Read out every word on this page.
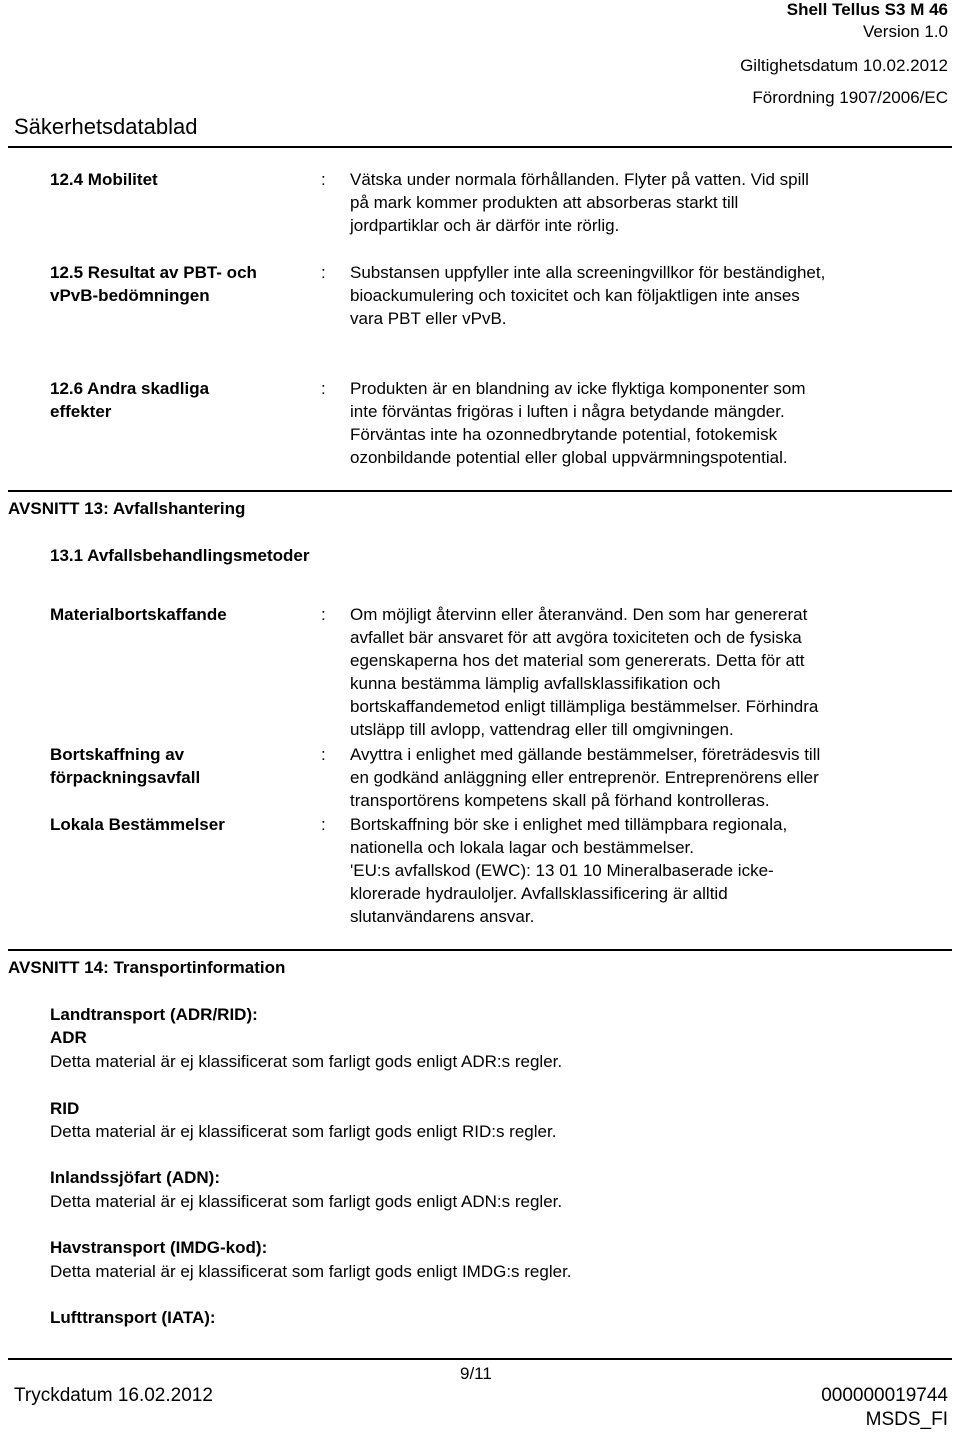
Shell Tellus S3 M 46
Version 1.0
Giltighetsdatum 10.02.2012
Förordning 1907/2006/EC
Säkerhetsdatablad
12.4 Mobilitet	: Vätska under normala förhållanden. Flyter på vatten. Vid spill
på mark kommer produkten att absorberas starkt till
jordpartiklar och är därför inte rörlig.
12.5 Resultat av PBT- och
vPvB-bedömningen
: Substansen uppfyller inte alla screeningvillkor för beständighet,
bioackumulering och toxicitet och kan följaktligen inte anses
vara PBT eller vPvB.
12.6 Andra skadliga
effekter
: Produkten är en blandning av icke flyktiga komponenter som
inte förväntas frigöras i luften i några betydande mängder.
Förväntas inte ha ozonnedbrytande potential, fotokemisk
ozonbildande potential eller global uppvärmningspotential.
AVSNITT 13: Avfallshantering
13.1 Avfallsbehandlingsmetoder
Materialbortskaffande	: Om möjligt återvinn eller återanvänd. Den som har genererat
avfallet bär ansvaret för att avgöra toxiciteten och de fysiska
egenskaperna hos det material som genererats. Detta för att
kunna bestämma lämplig avfallsklassifikation och
bortskaffandemetod enligt tillämpliga bestämmelser. Förhindra
utsläpp till avlopp, vattendrag eller till omgivningen.
Bortskaffning av
förpackningsavfall
: Avyttra i enlighet med gällande bestämmelser, företrädesvis till
en godkänd anläggning eller entreprenör. Entreprenörens eller
transportörens kompetens skall på förhand kontrolleras.
Lokala Bestämmelser	: Bortskaffning bör ske i enlighet med tillämpbara regionala,
nationella och lokala lagar och bestämmelser.
'EU:s avfallskod (EWC): 13 01 10 Mineralbaserade icke-
klorerade hydrauloljer. Avfallsklassificering är alltid
slutanvändarens ansvar.
AVSNITT 14: Transportinformation
Landtransport (ADR/RID):
ADR
Detta material är ej klassificerat som farligt gods enligt ADR:s regler.
RID
Detta material är ej klassificerat som farligt gods enligt RID:s regler.
Inlandssjöfart (ADN):
Detta material är ej klassificerat som farligt gods enligt ADN:s regler.
Havstransport (IMDG-kod):
Detta material är ej klassificerat som farligt gods enligt IMDG:s regler.
Lufttransport (IATA):
9/11
Tryckdatum 16.02.2012	000000019744
MSDS_FI
